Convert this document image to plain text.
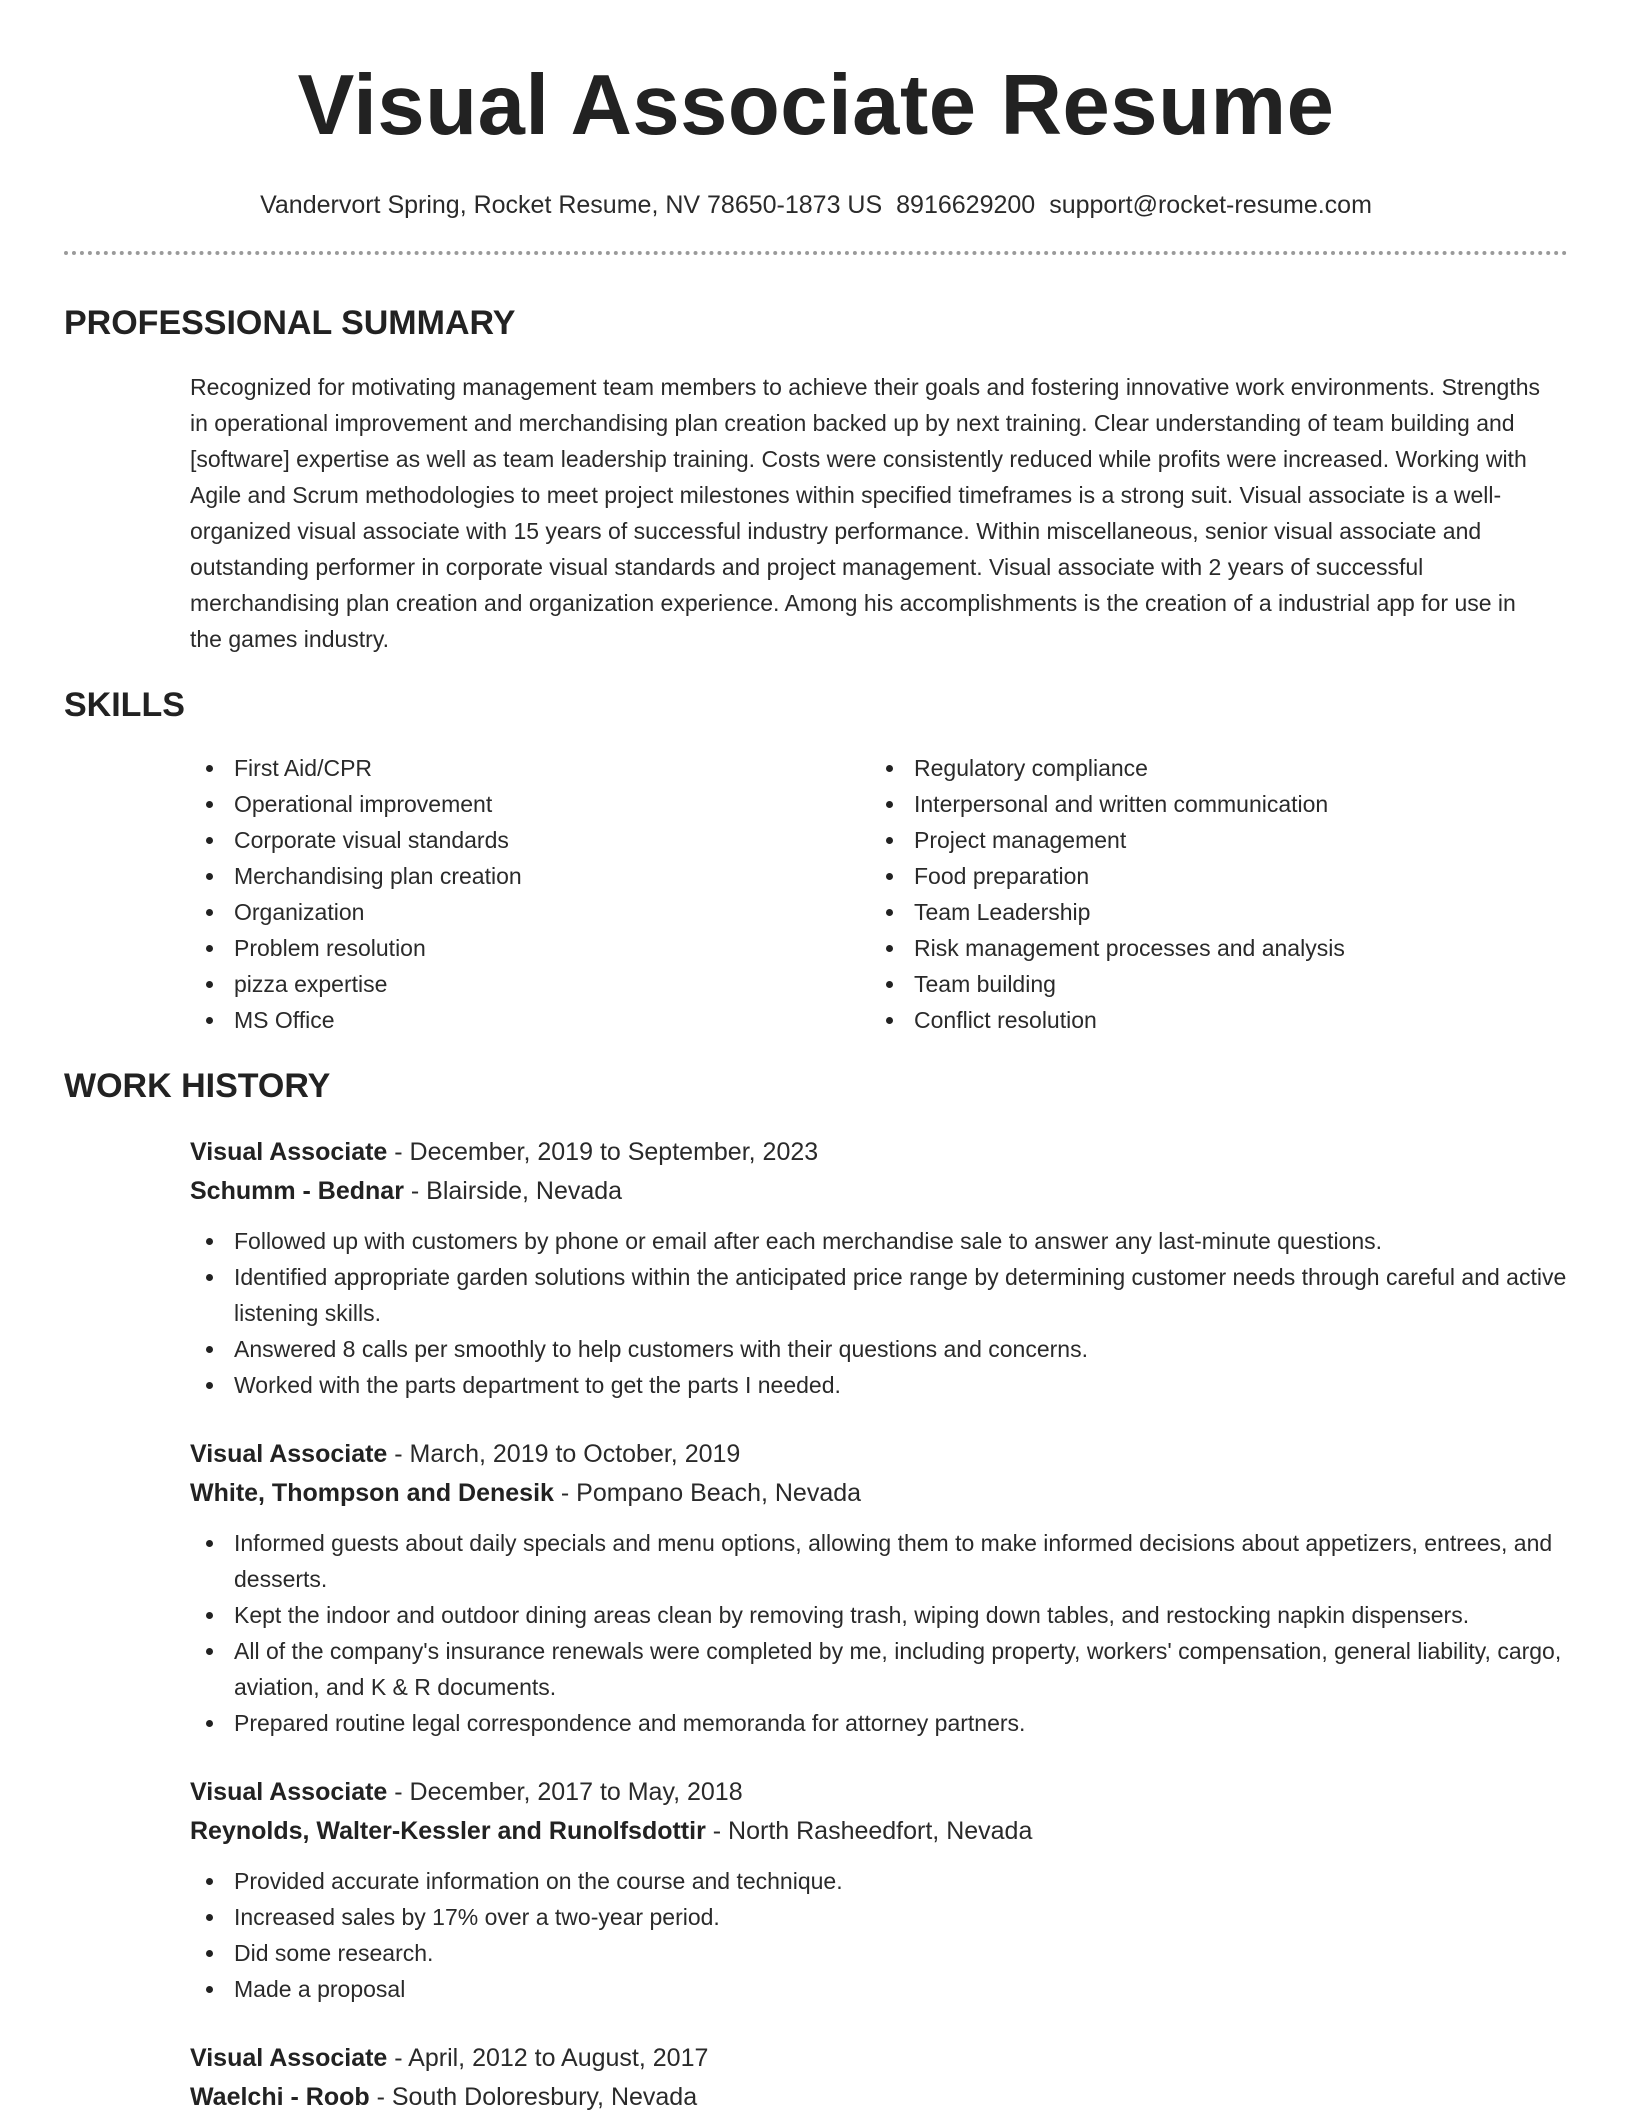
Visual Associate Resume
Vandervort Spring, Rocket Resume, NV 78650-1873 US 8916629200 support@rocket-resume.com
PROFESSIONAL SUMMARY

Recognized for motivating management team members to achieve their goals and fostering innovative work environments. Strengths in operational improvement and merchandising plan creation backed up by next training. Clear understanding of team building and [software] expertise as well as team leadership training. Costs were consistently reduced while profits were increased. Working with Agile and Scrum methodologies to meet project milestones within specified timeframes is a strong suit. Visual associate is a well-organized visual associate with 15 years of successful industry performance. Within miscellaneous, senior visual associate and outstanding performer in corporate visual standards and project management. Visual associate with 2 years of successful merchandising plan creation and organization experience. Among his accomplishments is the creation of a industrial app for use in the games industry.

SKILLS
First Aid/CPR
Operational improvement
Corporate visual standards
Merchandising plan creation
Organization
Problem resolution
pizza expertise
MS Office
Regulatory compliance
Interpersonal and written communication
Project management
Food preparation
Team Leadership
Risk management processes and analysis
Team building
Conflict resolution
WORK HISTORY
Visual Associate - December, 2019 to September, 2023
Schumm - Bednar - Blairside, Nevada
Followed up with customers by phone or email after each merchandise sale to answer any last-minute questions.
Identified appropriate garden solutions within the anticipated price range by determining customer needs through careful and active listening skills.
Answered 8 calls per smoothly to help customers with their questions and concerns.
Worked with the parts department to get the parts I needed.
Visual Associate - March, 2019 to October, 2019
White, Thompson and Denesik - Pompano Beach, Nevada
Informed guests about daily specials and menu options, allowing them to make informed decisions about appetizers, entrees, and desserts.
Kept the indoor and outdoor dining areas clean by removing trash, wiping down tables, and restocking napkin dispensers.
All of the company's insurance renewals were completed by me, including property, workers' compensation, general liability, cargo, aviation, and K & R documents.
Prepared routine legal correspondence and memoranda for attorney partners.
Visual Associate - December, 2017 to May, 2018
Reynolds, Walter-Kessler and Runolfsdottir - North Rasheedfort, Nevada
Provided accurate information on the course and technique.
Increased sales by 17% over a two-year period.
Did some research.
Made a proposal
Visual Associate - April, 2012 to August, 2017
Waelchi - Roob - South Doloresbury, Nevada
